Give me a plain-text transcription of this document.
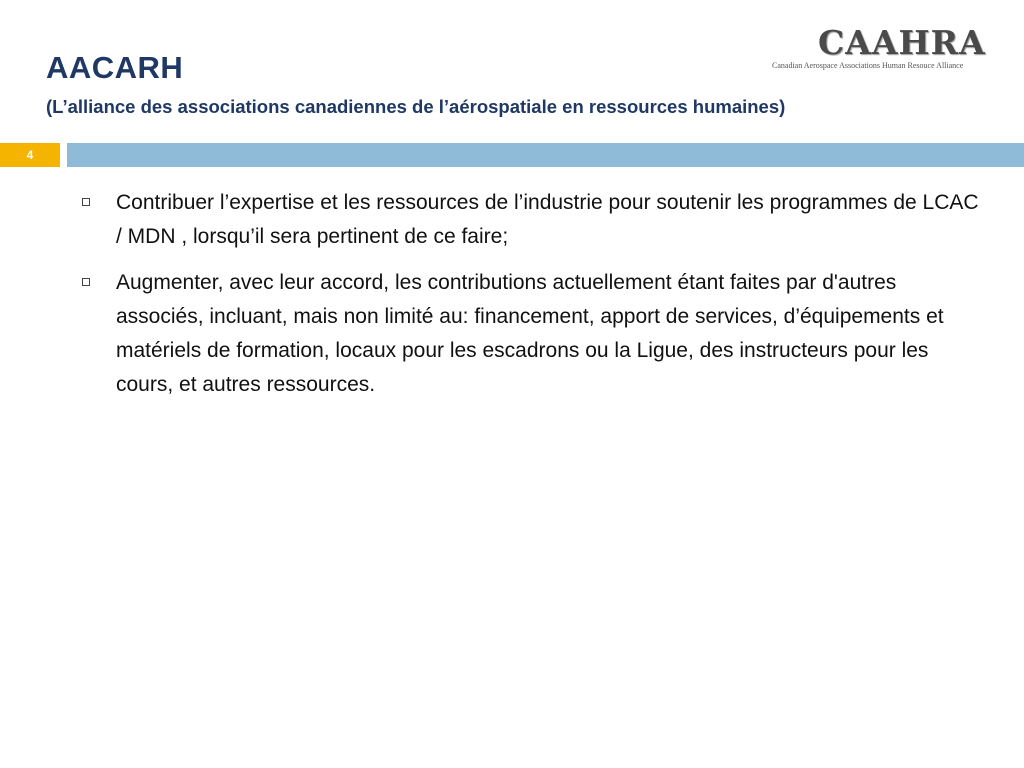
AACARH
(L’alliance des associations canadiennes de l’aérospatiale en ressources humaines)

CAAHRA

Canadian Aerospace Associations Human Resouce Alliance

4
Contribuer l’expertise et les ressources de l’industrie pour soutenir les programmes de LCAC / MDN , lorsqu’il sera pertinent de ce faire;
Augmenter, avec leur accord, les contributions actuellement étant faites par d'autres associés, incluant, mais non limité au: financement, apport de services, d’équipements et matériels de formation, locaux pour les escadrons ou la Ligue, des instructeurs pour les cours, et autres ressources.
